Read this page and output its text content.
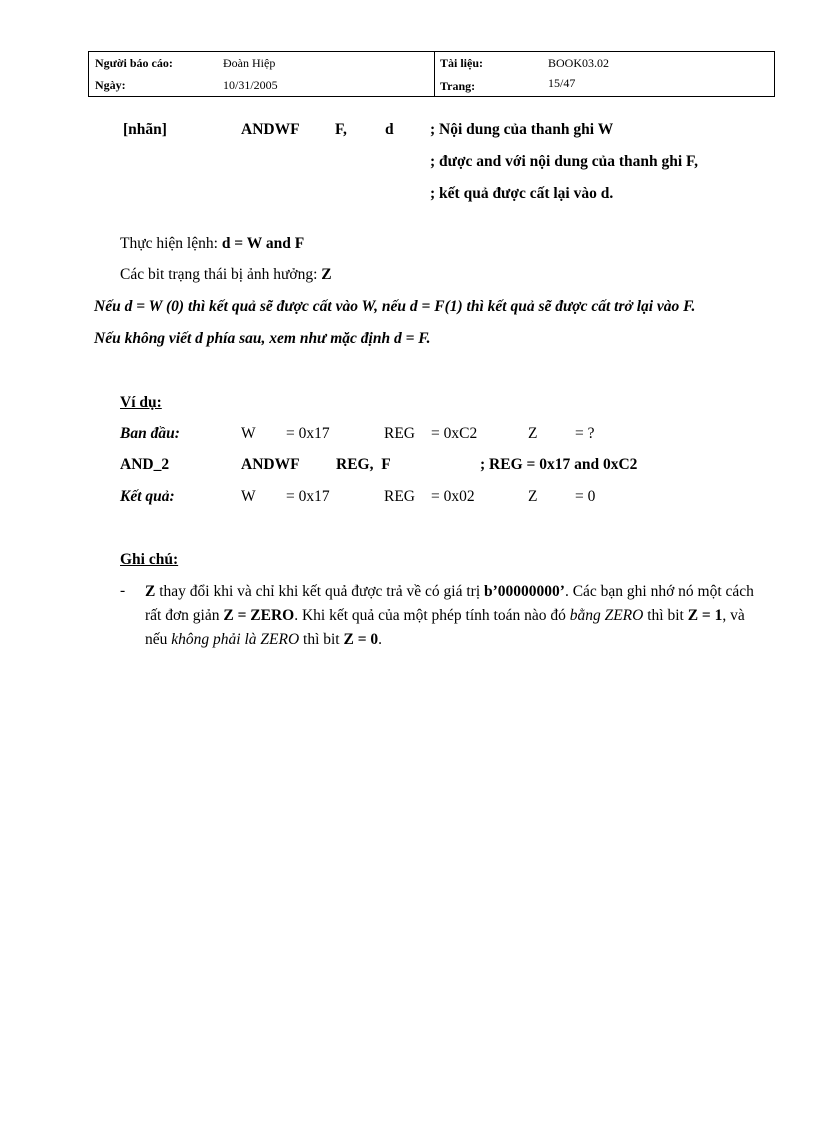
Người báo cáo:	Đoàn Hiệp
Ngày:	10/31/2005
Tài liệu:	BOOK03.02
Trang:	15/47
[nhãn]	ANDWF F, d ; Nội dung của thanh ghi W
; được and với nội dung của thanh ghi F,
; kết quả được cất lại vào d.
Thực hiện lệnh: d = W and F
Các bit trạng thái bị ảnh hưởng: Z
Nếu d = W (0) thì kết quả sẽ được cất vào W, nếu d = F(1) thì kết quả sẽ được cất trở lại vào F.
Nếu không viết d phía sau, xem như mặc định d = F.
Ví dụ:
Ban đầu:	W = 0x17	REG = 0xC2	Z = ?
AND_2	ANDWF REG,  F	; REG = 0x17 and 0xC2
Kết quả:	W = 0x17	REG = 0x02	Z = 0
Ghi chú:
- Z thay đổi khi và chỉ khi kết quả được trả về có giá trị b’00000000’. Các bạn ghi nhớ nó một cách rất đơn giản Z = ZERO. Khi kết quả của một phép tính toán nào đó bằng ZERO thì bit Z = 1, và nếu không phải là ZERO thì bit Z = 0.
